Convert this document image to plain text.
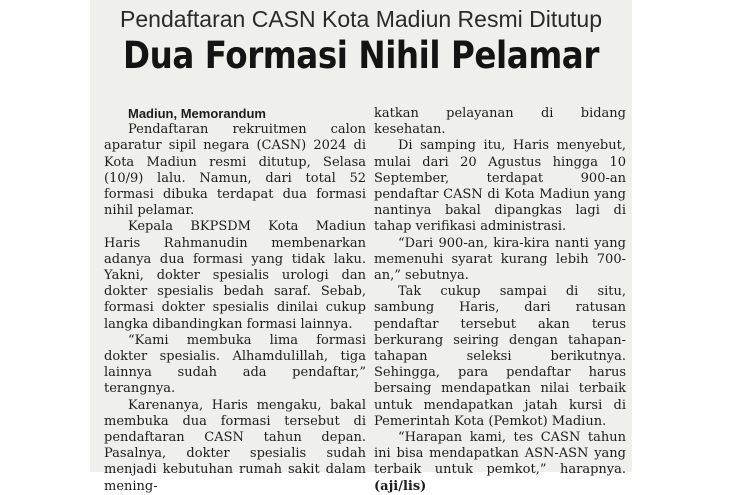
Pendaftaran CASN Kota Madiun Resmi Ditutup
Dua Formasi Nihil Pelamar

Madiun, Memorandum

Pendaftaran rekruitmen calon aparatur sipil negara (CASN) 2024 di Kota Madiun resmi ditutup, Selasa (10/9) lalu. Namun, dari total 52 formasi dibuka terdapat dua formasi nihil pelamar.

Kepala BKPSDM Kota Madiun Haris Rahmanudin membenarkan adanya dua formasi yang tidak laku. Yakni, dokter spesialis urologi dan dokter spesialis bedah saraf. Sebab, formasi dokter spesialis dinilai cukup langka dibandingkan formasi lainnya.

“Kami membuka lima formasi dokter spesialis. Alhamdulillah, tiga lainnya sudah ada pendaftar,” terangnya.

Karenanya, Haris mengaku, bakal membuka dua formasi tersebut di pendaftaran CASN tahun depan. Pasalnya, dokter spesialis sudah menjadi kebutuhan rumah sakit dalam mening-

katkan pelayanan di bidang kesehatan.

Di samping itu, Haris menyebut, mulai dari 20 Agustus hingga 10 September, terdapat 900-an pendaftar CASN di Kota Madiun yang nantinya bakal dipangkas lagi di tahap verifikasi administrasi.

“Dari 900-an, kira-kira nanti yang memenuhi syarat kurang lebih 700-an,” sebutnya.

Tak cukup sampai di situ, sambung Haris, dari ratusan pendaftar tersebut akan terus berkurang seiring dengan tahapan-tahapan seleksi berikutnya. Sehingga, para pendaftar harus bersaing mendapatkan nilai terbaik untuk mendapatkan jatah kursi di Pemerintah Kota (Pemkot) Madiun.

“Harapan kami, tes CASN tahun ini bisa mendapatkan ASN-ASN yang terbaik untuk pemkot,” harapnya. (aji/lis)
